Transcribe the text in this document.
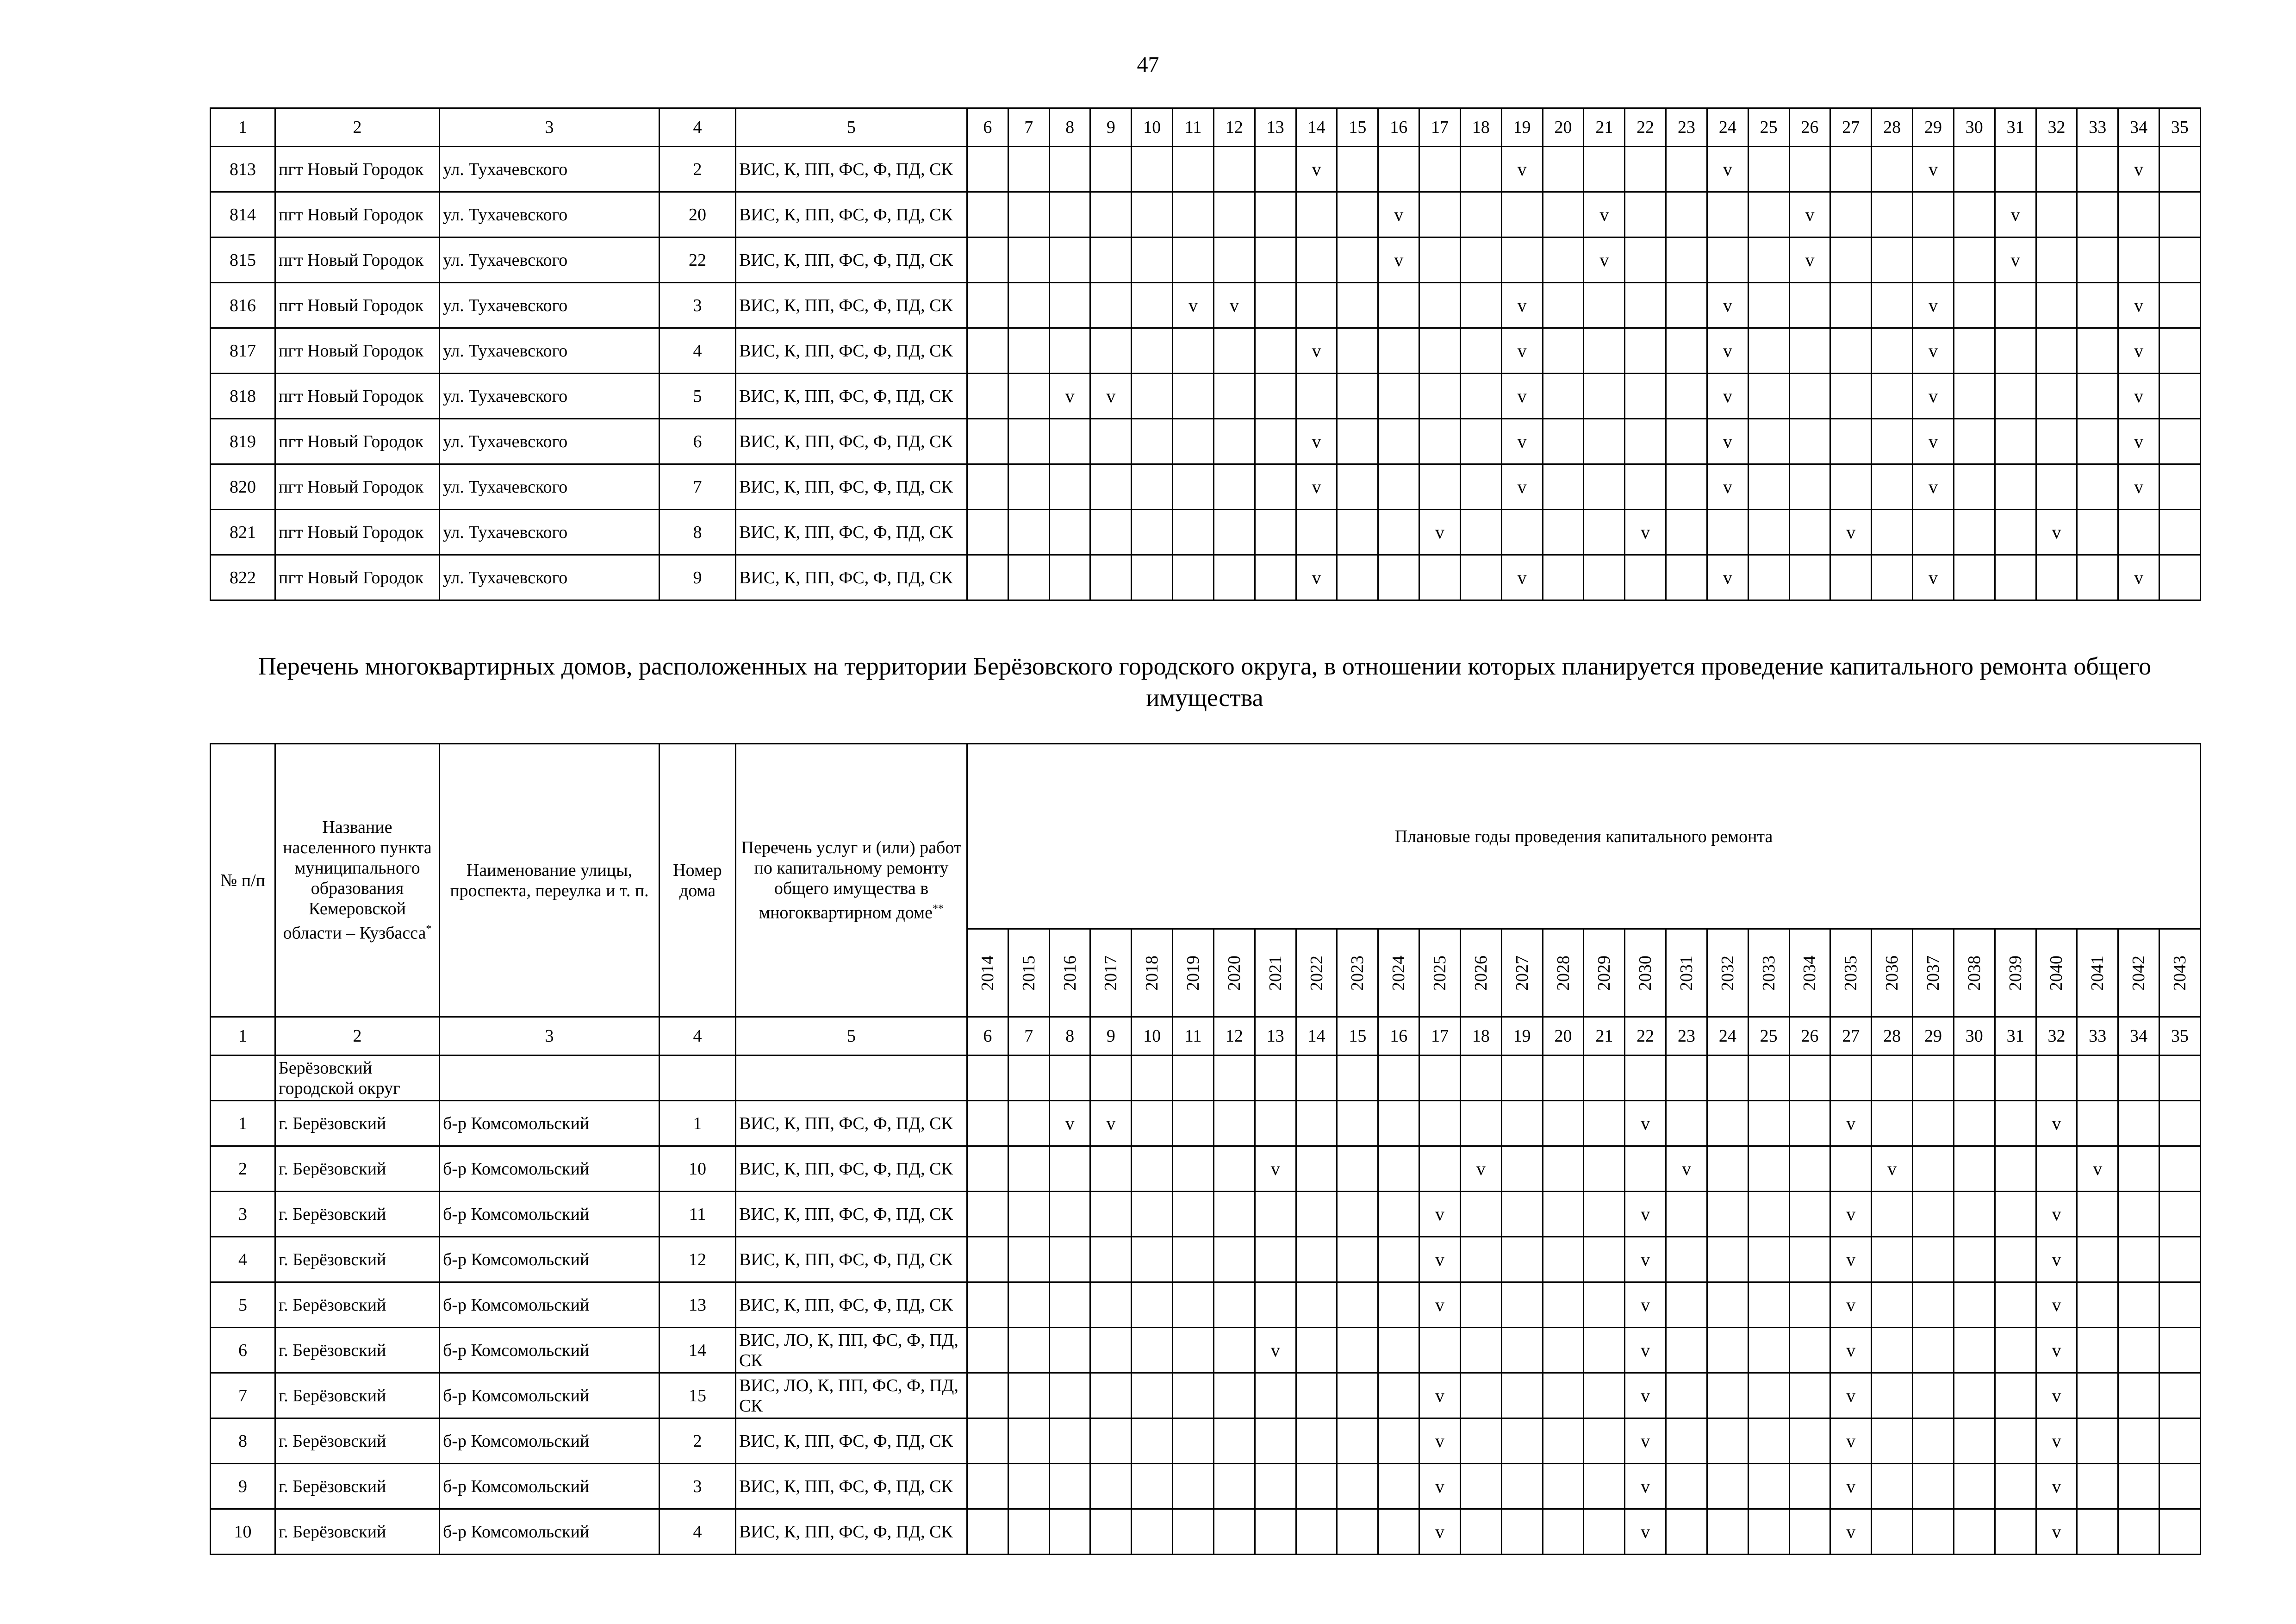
47
1	2	3	4	5	6	7	8	9	10	11	12	13	14	15	16	17	18	19	20	21	22	23	24	25	26	27	28	29	30	31	32	33	34	35
813	пгт Новый Городок	ул. Тухачевского	2	ВИС, К, ПП, ФС, Ф, ПД, СК									v					v					v					v					v	
814	пгт Новый Городок	ул. Тухачевского	20	ВИС, К, ПП, ФС, Ф, ПД, СК											v					v					v					v				
815	пгт Новый Городок	ул. Тухачевского	22	ВИС, К, ПП, ФС, Ф, ПД, СК											v					v					v					v				
816	пгт Новый Городок	ул. Тухачевского	3	ВИС, К, ПП, ФС, Ф, ПД, СК						v	v							v					v					v					v	
817	пгт Новый Городок	ул. Тухачевского	4	ВИС, К, ПП, ФС, Ф, ПД, СК									v					v					v					v					v	
818	пгт Новый Городок	ул. Тухачевского	5	ВИС, К, ПП, ФС, Ф, ПД, СК			v	v										v					v					v					v	
819	пгт Новый Городок	ул. Тухачевского	6	ВИС, К, ПП, ФС, Ф, ПД, СК									v					v					v					v					v	
820	пгт Новый Городок	ул. Тухачевского	7	ВИС, К, ПП, ФС, Ф, ПД, СК									v					v					v					v					v	
821	пгт Новый Городок	ул. Тухачевского	8	ВИС, К, ПП, ФС, Ф, ПД, СК												v					v					v					v			
822	пгт Новый Городок	ул. Тухачевского	9	ВИС, К, ПП, ФС, Ф, ПД, СК									v					v					v					v					v	
Перечень многоквартирных домов, расположенных на территории Берёзовского городского округа, в отношении которых планируется проведение капитального ремонта общего имущества
№ п/п	Название населенного пункта муниципального образования Кемеровской области – Кузбасса*	Наименование улицы, проспекта, переулка и т. п.	Номер дома	Перечень услуг и (или) работ по капитальному ремонту общего имущества в многоквартирном доме**	Плановые годы проведения капитального ремонта																													

					2014	2015	2016	2017	2018	2019	2020	2021	2022	2023	2024	2025	2026	2027	2028	2029	2030	2031	2032	2033	2034	2035	2036	2037	2038	2039	2040	2041	2042	2043

1	2	3	4	5	6	7	8	9	10	11	12	13	14	15	16	17	18	19	20	21	22	23	24	25	26	27	28	29	30	31	32	33	34	35
	Берёзовский городской округ																																	
1	г. Берёзовский	б-р Комсомольский	1	ВИС, К, ПП, ФС, Ф, ПД, СК			v	v													v					v					v			
2	г. Берёзовский	б-р Комсомольский	10	ВИС, К, ПП, ФС, Ф, ПД, СК								v					v					v					v					v		
3	г. Берёзовский	б-р Комсомольский	11	ВИС, К, ПП, ФС, Ф, ПД, СК												v					v					v					v			
4	г. Берёзовский	б-р Комсомольский	12	ВИС, К, ПП, ФС, Ф, ПД, СК												v					v					v					v			
5	г. Берёзовский	б-р Комсомольский	13	ВИС, К, ПП, ФС, Ф, ПД, СК												v					v					v					v			
6	г. Берёзовский	б-р Комсомольский	14	ВИС, ЛО, К, ПП, ФС, Ф, ПД, СК								v									v					v					v			
7	г. Берёзовский	б-р Комсомольский	15	ВИС, ЛО, К, ПП, ФС, Ф, ПД, СК												v					v					v					v			
8	г. Берёзовский	б-р Комсомольский	2	ВИС, К, ПП, ФС, Ф, ПД, СК												v					v					v					v			
9	г. Берёзовский	б-р Комсомольский	3	ВИС, К, ПП, ФС, Ф, ПД, СК												v					v					v					v			
10	г. Берёзовский	б-р Комсомольский	4	ВИС, К, ПП, ФС, Ф, ПД, СК												v					v					v					v			
